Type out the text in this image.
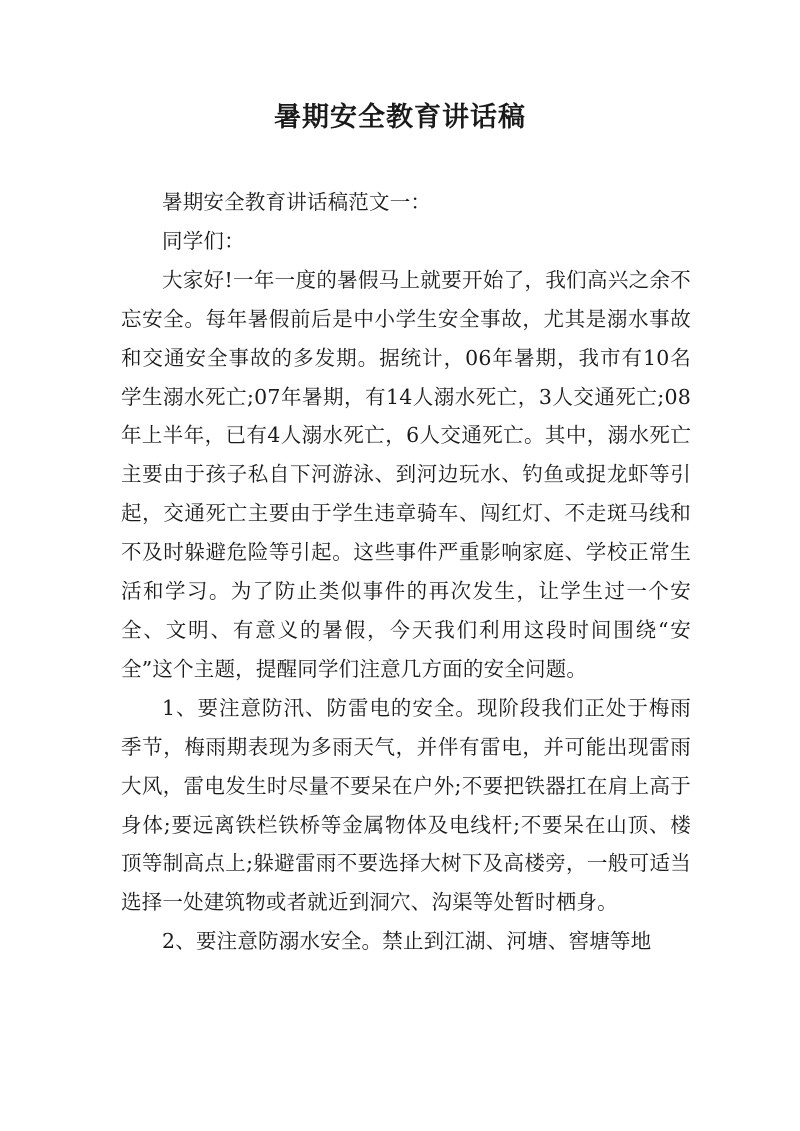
暑期安全教育讲话稿

暑期安全教育讲话稿范文一：

同学们：

大家好!一年一度的暑假马上就要开始了，我们高兴之余不忘安全。每年暑假前后是中小学生安全事故，尤其是溺水事故和交通安全事故的多发期。据统计，06年暑期，我市有10名学生溺水死亡;07年暑期，有14人溺水死亡，3人交通死亡;08年上半年，已有4人溺水死亡，6人交通死亡。其中，溺水死亡主要由于孩子私自下河游泳、到河边玩水、钓鱼或捉龙虾等引起，交通死亡主要由于学生违章骑车、闯红灯、不走斑马线和不及时躲避危险等引起。这些事件严重影响家庭、学校正常生活和学习。为了防止类似事件的再次发生，让学生过一个安全、文明、有意义的暑假，今天我们利用这段时间围绕“安全”这个主题，提醒同学们注意几方面的安全问题。

1、要注意防汛、防雷电的安全。现阶段我们正处于梅雨季节，梅雨期表现为多雨天气，并伴有雷电，并可能出现雷雨大风，雷电发生时尽量不要呆在户外;不要把铁器扛在肩上高于身体;要远离铁栏铁桥等金属物体及电线杆;不要呆在山顶、楼顶等制高点上;躲避雷雨不要选择大树下及高楼旁，一般可适当选择一处建筑物或者就近到洞穴、沟渠等处暂时栖身。

2、要注意防溺水安全。禁止到江湖、河塘、窖塘等地
